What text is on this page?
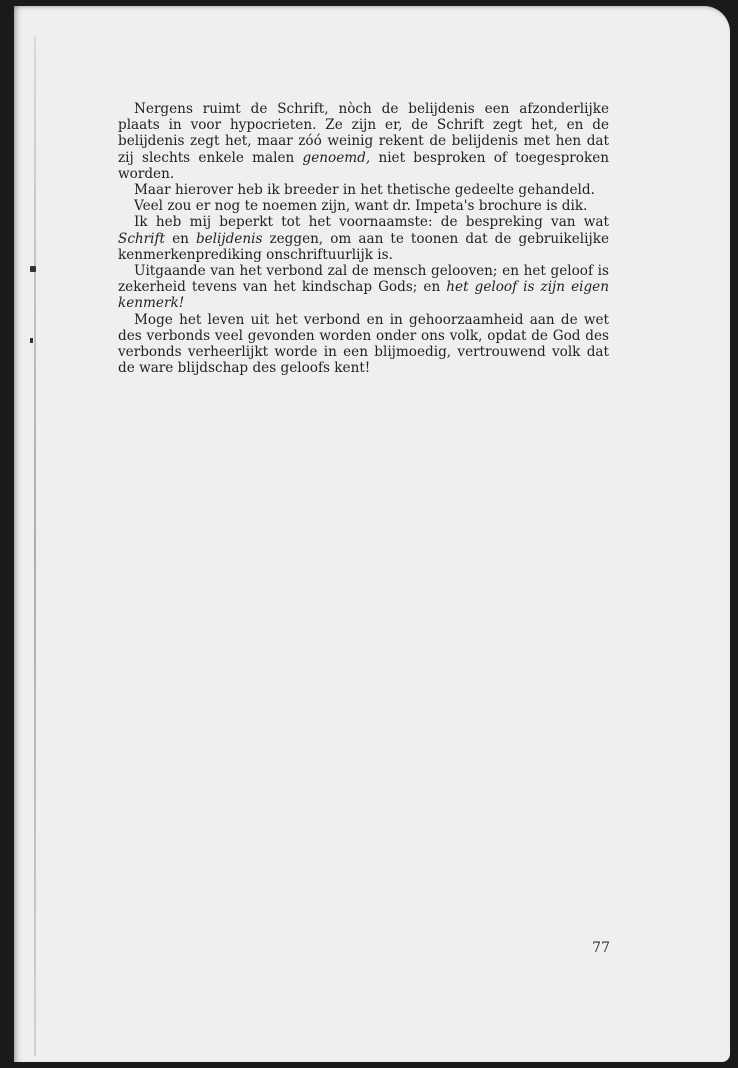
Nergens ruimt de Schrift, nòch de belijdenis een afzonderlijke plaats in voor hypocrieten. Ze zijn er, de Schrift zegt het, en de belijdenis zegt het, maar zóó weinig rekent de belijdenis met hen dat zij slechts enkele malen genoemd, niet besproken of toegesproken worden.

Maar hierover heb ik breeder in het thetische gedeelte gehandeld.

Veel zou er nog te noemen zijn, want dr. Impeta's brochure is dik.

Ik heb mij beperkt tot het voornaamste: de bespreking van wat Schrift en belijdenis zeggen, om aan te toonen dat de gebruikelijke kenmerkenprediking onschriftuurlijk is.

Uitgaande van het verbond zal de mensch gelooven; en het geloof is zekerheid tevens van het kindschap Gods; en het geloof is zijn eigen kenmerk!

Moge het leven uit het verbond en in gehoorzaamheid aan de wet des verbonds veel gevonden worden onder ons volk, opdat de God des verbonds verheerlijkt worde in een blijmoedig, vertrouwend volk dat de ware blijdschap des geloofs kent!

77
